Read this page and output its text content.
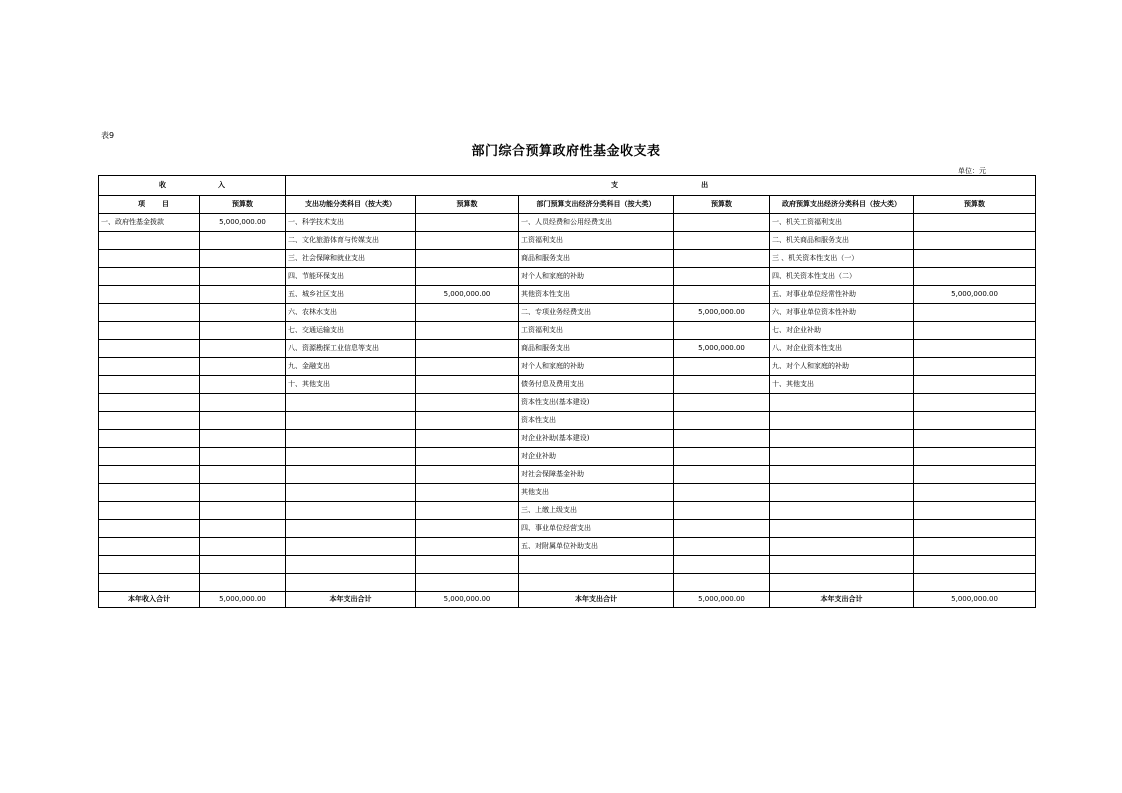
表9
部门综合预算政府性基金收支表
单位：元
收 入		支 出					

项 目	预算数	支出功能分类科目（按大类）	预算数	部门预算支出经济分类科目（按大类）	预算数	政府预算支出经济分类科目（按大类）	预算数
一、政府性基金拨款	5,000,000.00	一、科学技术支出		一、人员经费和公用经费支出		一、机关工资福利支出	
		二、文化旅游体育与传媒支出		工资福利支出		二、机关商品和服务支出	
		三、社会保障和就业支出		商品和服务支出		三 、机关资本性支出（一）	
		四、节能环保支出		对个人和家庭的补助		四、机关资本性支出（二）	
		五、城乡社区支出	5,000,000.00	其他资本性支出		五、对事业单位经常性补助	5,000,000.00
		六、农林水支出		二、专项业务经费支出	5,000,000.00	六、对事业单位资本性补助	
		七、交通运输支出		工资福利支出		七、对企业补助	
		八、资源勘探工业信息等支出		商品和服务支出	5,000,000.00	八、对企业资本性支出	
		九、金融支出		对个人和家庭的补助		九、对个人和家庭的补助	
		十、其他支出		债务付息及费用支出		十、其他支出	
				资本性支出(基本建设)			
				资本性支出			
				对企业补助(基本建设)			
				对企业补助			
				对社会保障基金补助			
				其他支出			
				三、上缴上级支出			
				四、事业单位经营支出			
				五、对附属单位补助支出			

本年收入合计	5,000,000.00	本年支出合计	5,000,000.00	本年支出合计	5,000,000.00	本年支出合计	5,000,000.00
